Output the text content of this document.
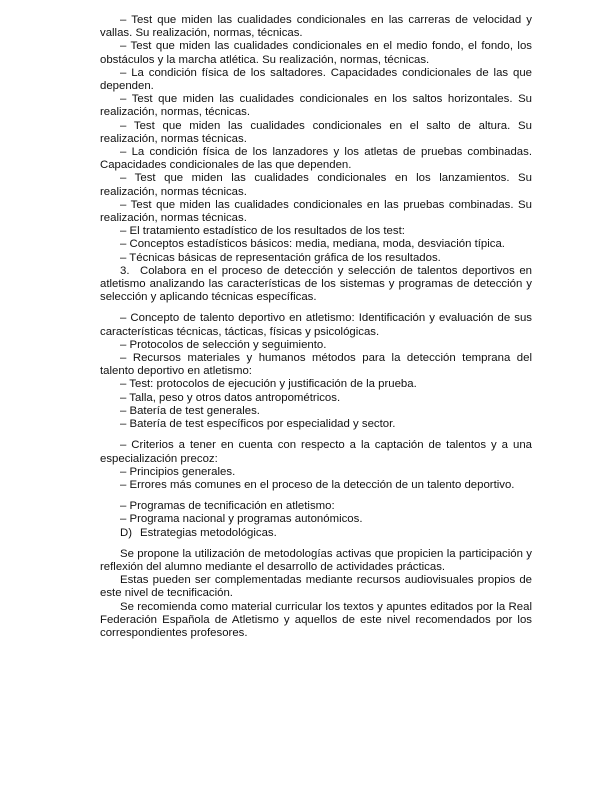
– Test que miden las cualidades condicionales en las carreras de velocidad y vallas. Su realización, normas, técnicas.

– Test que miden las cualidades condicionales en el medio fondo, el fondo, los obstáculos y la marcha atlética. Su realización, normas, técnicas.

– La condición física de los saltadores. Capacidades condicionales de las que dependen.

– Test que miden las cualidades condicionales en los saltos horizontales. Su realización, normas, técnicas.

– Test que miden las cualidades condicionales en el salto de altura. Su realización, normas técnicas.

– La condición física de los lanzadores y los atletas de pruebas combinadas. Capacidades condicionales de las que dependen.

– Test que miden las cualidades condicionales en los lanzamientos. Su realización, normas técnicas.

– Test que miden las cualidades condicionales en las pruebas combinadas. Su realización, normas técnicas.

– El tratamiento estadístico de los resultados de los test:

– Conceptos estadísticos básicos: media, mediana, moda, desviación típica.
– Técnicas básicas de representación gráfica de los resultados.

3. Colabora en el proceso de detección y selección de talentos deportivos en atletismo analizando las características de los sistemas y programas de detección y selección y aplicando técnicas específicas.

– Concepto de talento deportivo en atletismo: Identificación y evaluación de sus características técnicas, tácticas, físicas y psicológicas.

– Protocolos de selección y seguimiento.

– Recursos materiales y humanos métodos para la detección temprana del talento deportivo en atletismo:

– Test: protocolos de ejecución y justificación de la prueba.
– Talla, peso y otros datos antropométricos.
– Batería de test generales.
– Batería de test específicos por especialidad y sector.

– Criterios a tener en cuenta con respecto a la captación de talentos y a una especialización precoz:

– Principios generales.
– Errores más comunes en el proceso de la detección de un talento deportivo.

– Programas de tecnificación en atletismo:

– Programa nacional y programas autonómicos.

D) Estrategias metodológicas.

Se propone la utilización de metodologías activas que propicien la participación y reflexión del alumno mediante el desarrollo de actividades prácticas.

Estas pueden ser complementadas mediante recursos audiovisuales propios de este nivel de tecnificación.

Se recomienda como material curricular los textos y apuntes editados por la Real Federación Española de Atletismo y aquellos de este nivel recomendados por los correspondientes profesores.
